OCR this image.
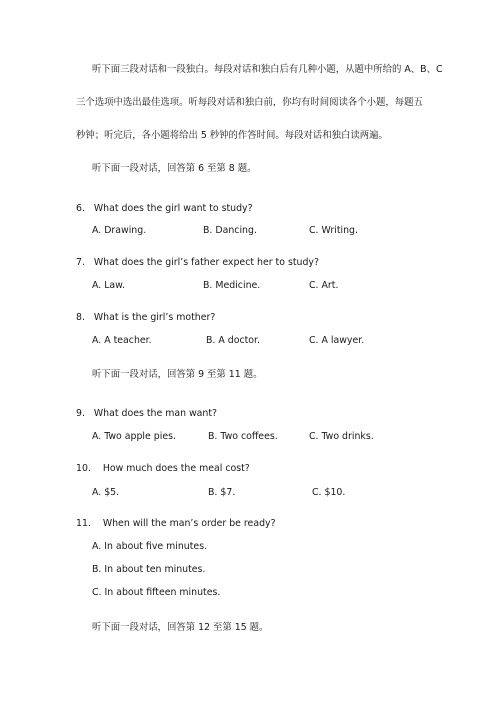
听下面三段对话和一段独白。每段对话和独白后有几种小题，从题中所给的 A、B、C
三个选项中选出最佳选项。听每段对话和独白前，你均有时间阅读各个小题，每题五
秒钟；听完后，各小题将给出 5 秒钟的作答时间。每段对话和独白读两遍。
听下面一段对话，回答第 6 至第 8 题。
6. What does the girl want to study?
A. Drawing.	B. Dancing.	C. Writing.
7. What does the girl’s father expect her to study?
A. Law.	B. Medicine.	C. Art.
8. What is the girl’s mother?
A. A teacher.	B. A doctor.	C. A lawyer.
听下面一段对话，回答第 9 至第 11 题。
9. What does the man want?
A. Two apple pies.	B. Two coffees.	C. Two drinks.
10. How much does the meal cost?
A. $5.	B. $7.	C. $10.
11. When will the man’s order be ready?
A. In about five minutes.
B. In about ten minutes.
C. In about fifteen minutes.
听下面一段对话，回答第 12 至第 15 题。
